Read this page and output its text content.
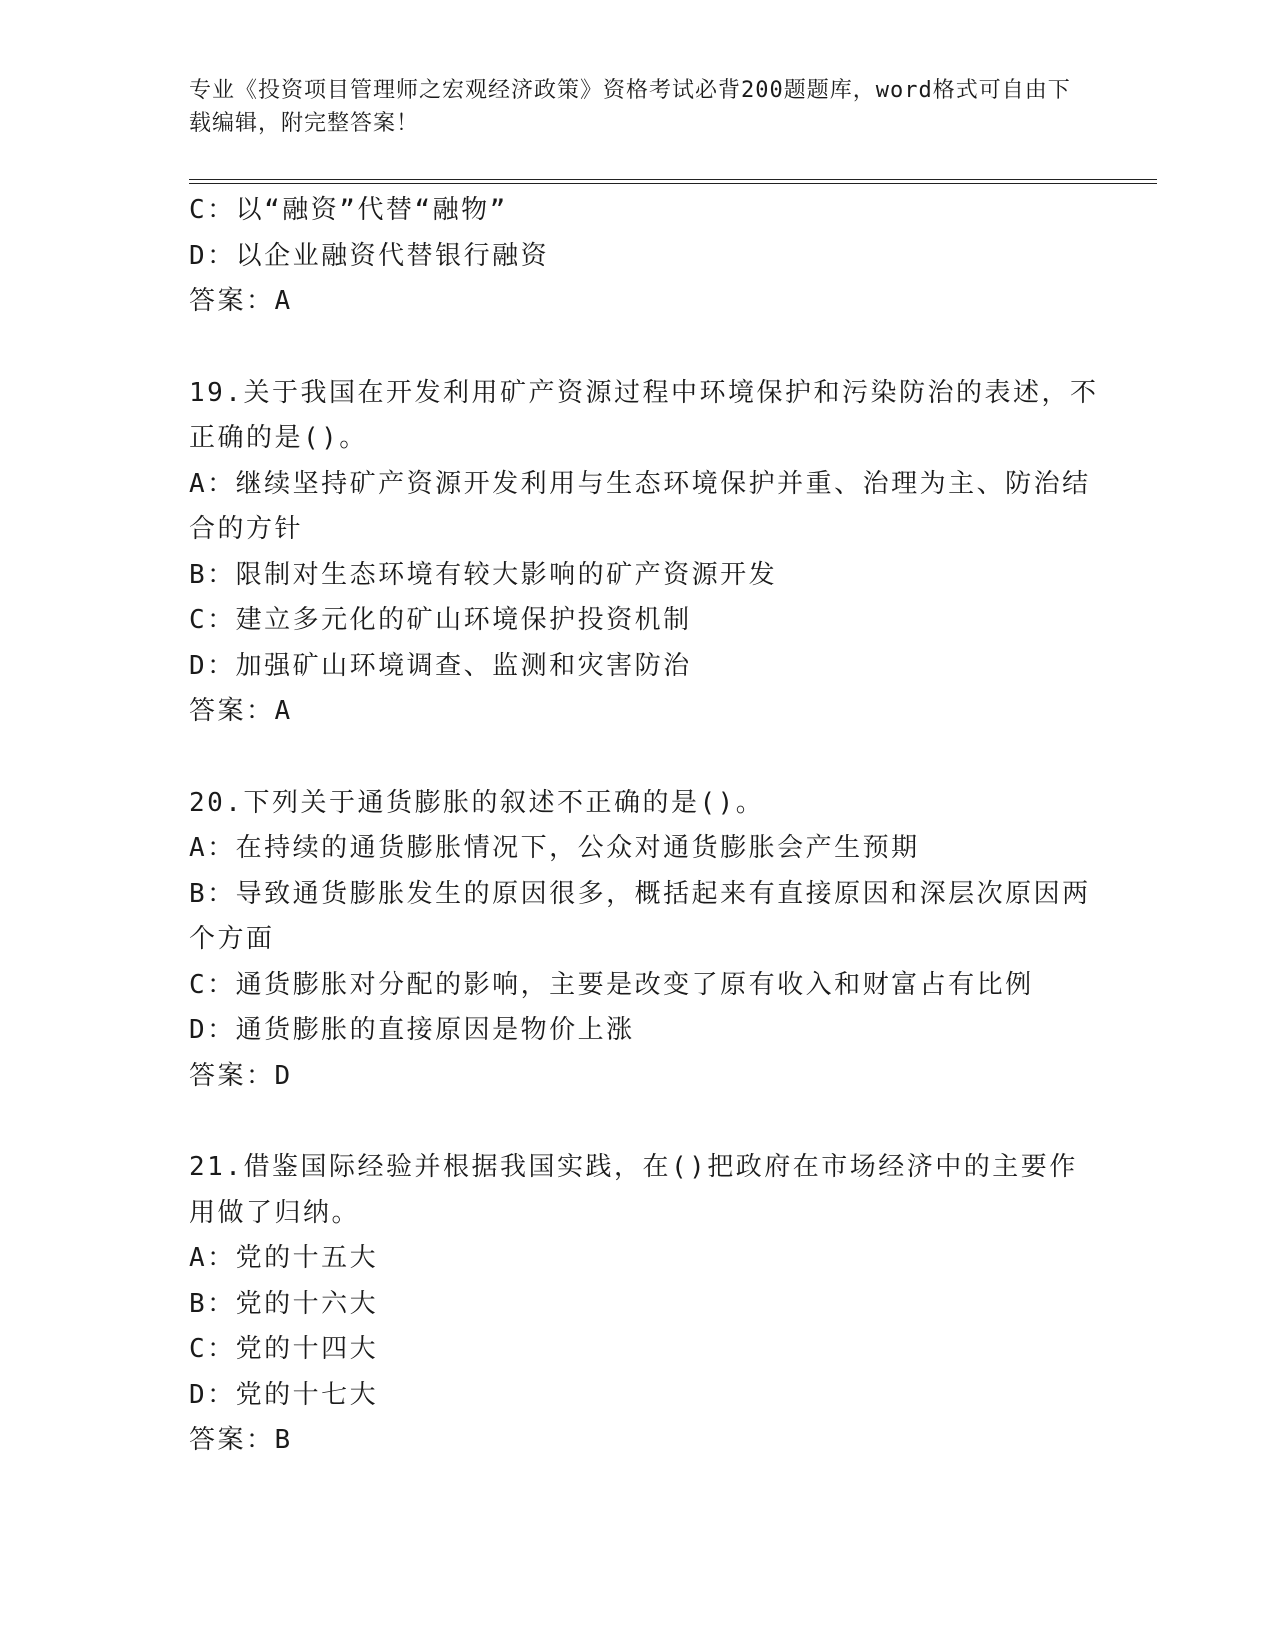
专业《投资项目管理师之宏观经济政策》资格考试必背200题题库，word格式可自由下载编辑，附完整答案！

C：以“融资”代替“融物”

D：以企业融资代替银行融资

答案：A

19.关于我国在开发利用矿产资源过程中环境保护和污染防治的表述，不正确的是()。

A：继续坚持矿产资源开发利用与生态环境保护并重、治理为主、防治结合的方针

B：限制对生态环境有较大影响的矿产资源开发

C：建立多元化的矿山环境保护投资机制

D：加强矿山环境调查、监测和灾害防治

答案：A

20.下列关于通货膨胀的叙述不正确的是()。

A：在持续的通货膨胀情况下，公众对通货膨胀会产生预期

B：导致通货膨胀发生的原因很多，概括起来有直接原因和深层次原因两个方面

C：通货膨胀对分配的影响，主要是改变了原有收入和财富占有比例

D：通货膨胀的直接原因是物价上涨

答案：D

21.借鉴国际经验并根据我国实践，在()把政府在市场经济中的主要作用做了归纳。

A：党的十五大

B：党的十六大

C：党的十四大

D：党的十七大

答案：B
